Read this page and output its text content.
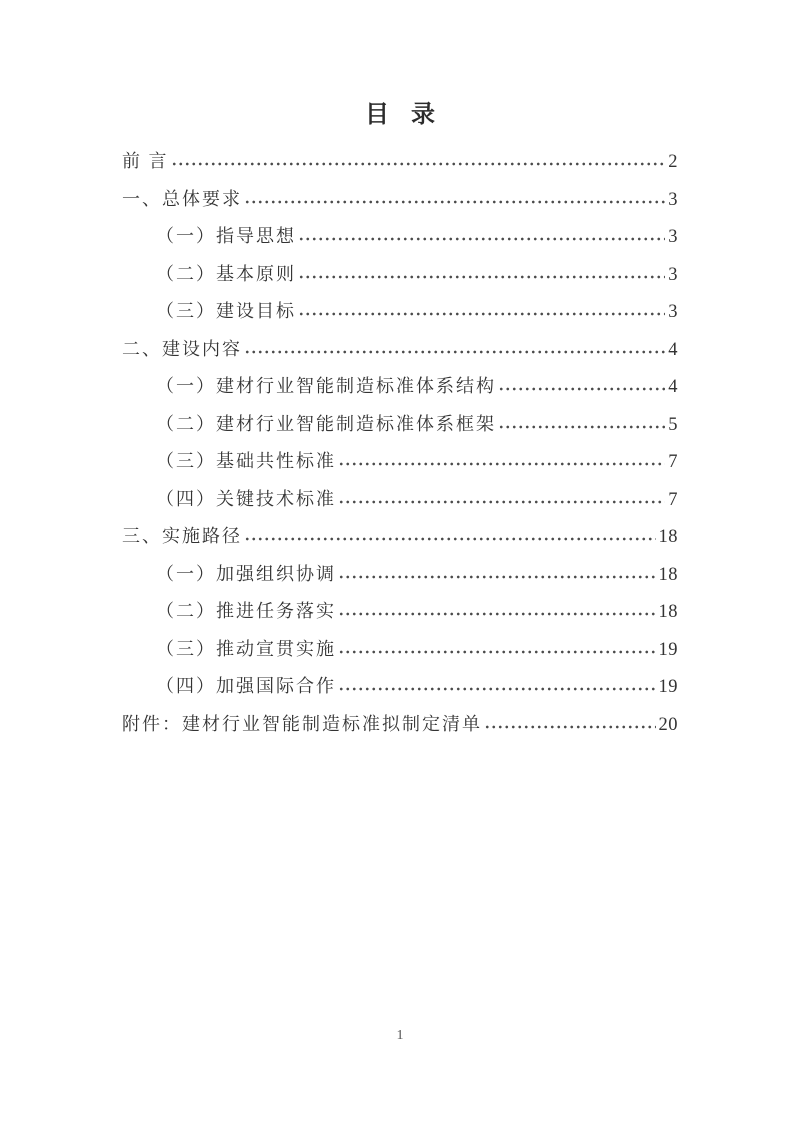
目 录
前 言	2
一、总体要求	3
（一）指导思想	3
（二）基本原则	3
（三）建设目标	3
二、建设内容	4
（一）建材行业智能制造标准体系结构	4
（二）建材行业智能制造标准体系框架	5
（三）基础共性标准	7
（四）关键技术标准	7
三、实施路径	18
（一）加强组织协调	18
（二）推进任务落实	18
（三）推动宣贯实施	19
（四）加强国际合作	19
附件：建材行业智能制造标准拟制定清单	20
1
